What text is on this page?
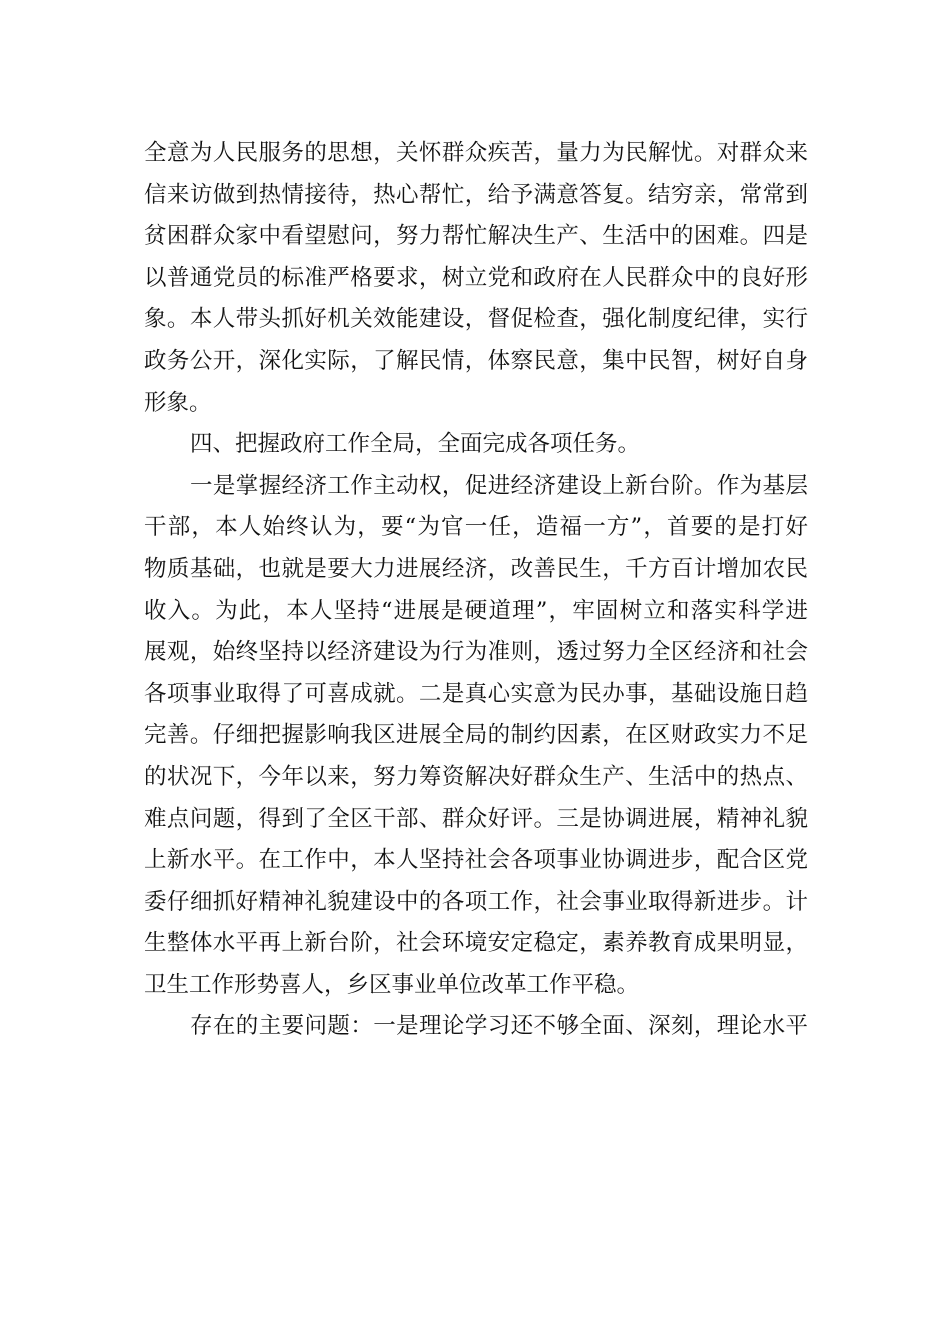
全意为人民服务的思想，关怀群众疾苦，量力为民解忧。对群众来
信来访做到热情接待，热心帮忙，给予满意答复。结穷亲，常常到
贫困群众家中看望慰问，努力帮忙解决生产、生活中的困难。四是
以普通党员的标准严格要求，树立党和政府在人民群众中的良好形
象。本人带头抓好机关效能建设，督促检查，强化制度纪律，实行
政务公开，深化实际，了解民情，体察民意，集中民智，树好自身
形象。
四、把握政府工作全局，全面完成各项任务。
一是掌握经济工作主动权，促进经济建设上新台阶。作为基层
干部，本人始终认为，要“为官一任，造福一方”，首要的是打好
物质基础，也就是要大力进展经济，改善民生，千方百计增加农民
收入。为此，本人坚持“进展是硬道理”，牢固树立和落实科学进
展观，始终坚持以经济建设为行为准则，透过努力全区经济和社会
各项事业取得了可喜成就。二是真心实意为民办事，基础设施日趋
完善。仔细把握影响我区进展全局的制约因素，在区财政实力不足
的状况下，今年以来，努力筹资解决好群众生产、生活中的热点、
难点问题，得到了全区干部、群众好评。三是协调进展，精神礼貌
上新水平。在工作中，本人坚持社会各项事业协调进步，配合区党
委仔细抓好精神礼貌建设中的各项工作，社会事业取得新进步。计
生整体水平再上新台阶，社会环境安定稳定，素养教育成果明显，
卫生工作形势喜人，乡区事业单位改革工作平稳。
存在的主要问题：一是理论学习还不够全面、深刻，理论水平
